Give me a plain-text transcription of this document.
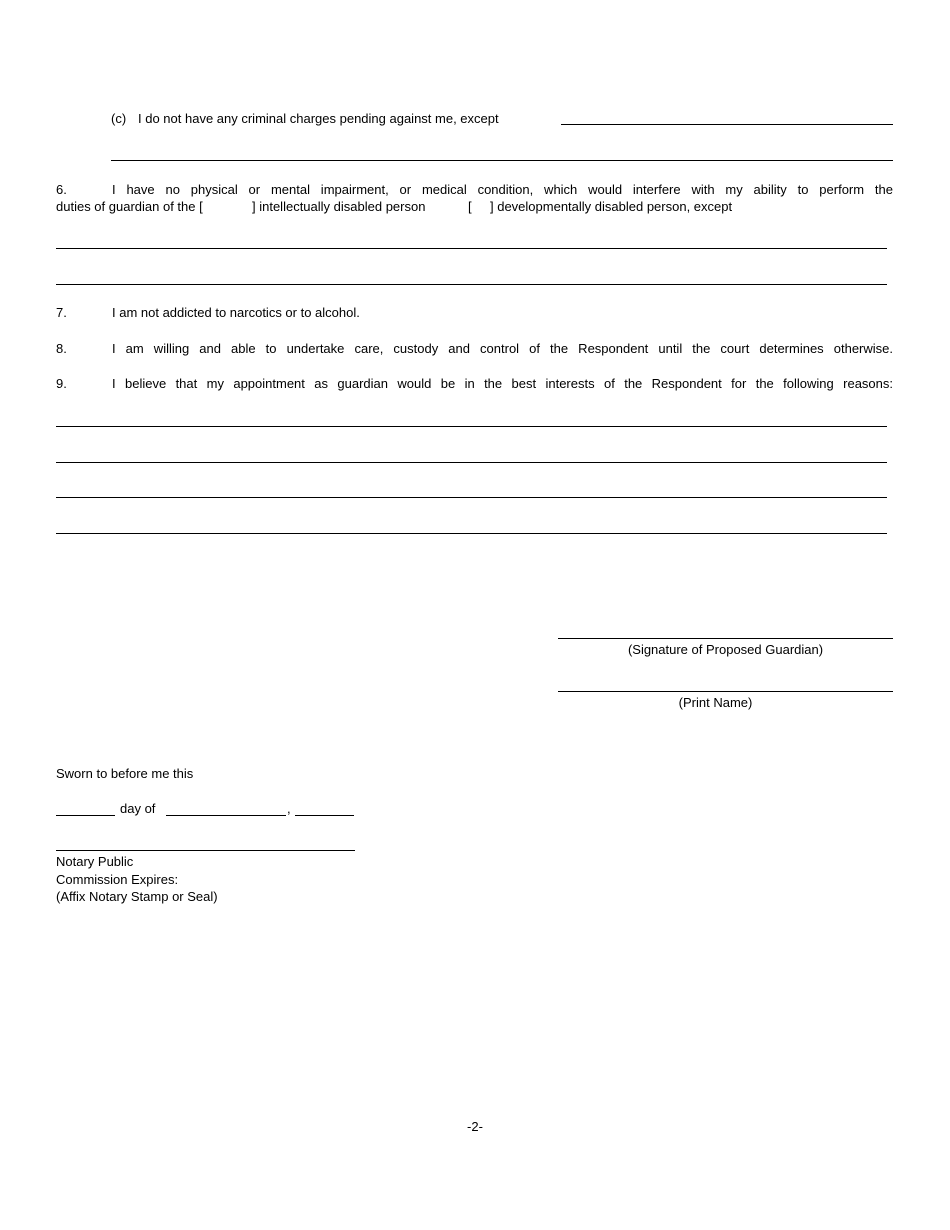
(c) I do not have any criminal charges pending against me, except
6.	I have no physical or mental impairment, or medical condition, which would interfere with my ability to perform the
duties of guardian of the [	] intellectually disabled person	[ ] developmentally disabled person, except
7.	I am not addicted to narcotics or to alcohol.
8.	I am willing and able to undertake care, custody and control of the Respondent until the court determines otherwise.
9.	I believe that my appointment as guardian would be in the best interests of the Respondent for the following reasons:
(Signature of Proposed Guardian)
(Print Name)
Sworn to before me this
day of	,
Notary Public
Commission Expires:
(Affix Notary Stamp or Seal)
-2-
